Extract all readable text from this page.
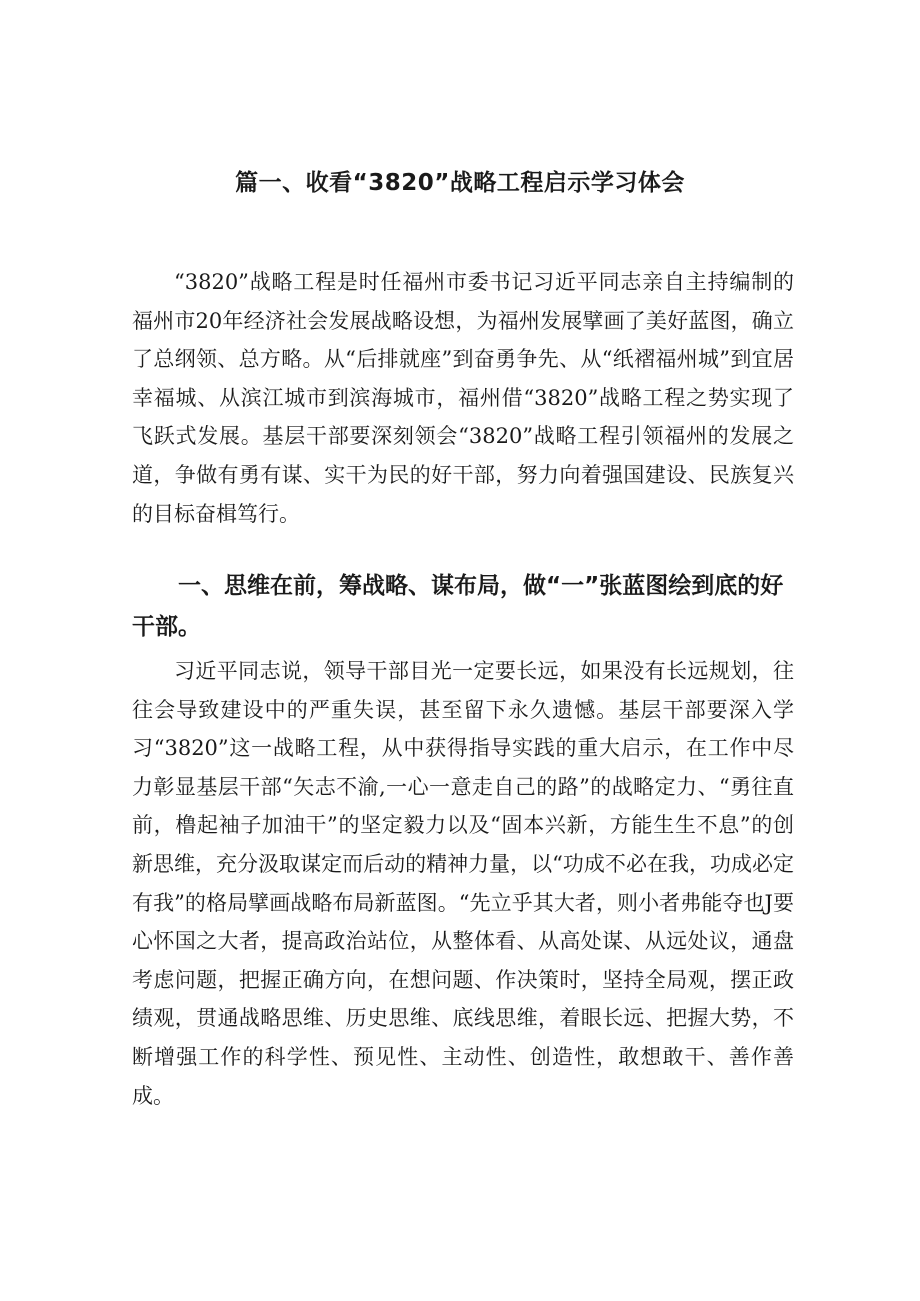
篇一、收看“3820”战略工程启示学习体会

“3820”战略工程是时任福州市委书记习近平同志亲自主持编制的福州市20年经济社会发展战略设想，为福州发展擘画了美好蓝图，确立了总纲领、总方略。从“后排就座”到奋勇争先、从“纸褶福州城”到宜居幸福城、从滨江城市到滨海城市，福州借“3820”战略工程之势实现了飞跃式发展。基层干部要深刻领会“3820”战略工程引领福州的发展之道，争做有勇有谋、实干为民的好干部，努力向着强国建设、民族复兴的目标奋楫笃行。

一、思维在前，筹战略、谋布局，做“一”张蓝图绘到底的好干部。

习近平同志说，领导干部目光一定要长远，如果没有长远规划，往往会导致建设中的严重失误，甚至留下永久遗憾。基层干部要深入学习“3820”这一战略工程，从中获得指导实践的重大启示，在工作中尽力彰显基层干部“矢志不渝,一心一意走自己的路”的战略定力、“勇往直前，橹起袖子加油干”的坚定毅力以及“固本兴新，方能生生不息”的创新思维，充分汲取谋定而后动的精神力量，以“功成不必在我，功成必定有我”的格局擘画战略布局新蓝图。“先立乎其大者，则小者弗能夺也J要心怀国之大者，提高政治站位，从整体看、从高处谋、从远处议，通盘考虑问题，把握正确方向，在想问题、作决策时，坚持全局观，摆正政绩观，贯通战略思维、历史思维、底线思维，着眼长远、把握大势，不断增强工作的科学性、预见性、主动性、创造性，敢想敢干、善作善成。
